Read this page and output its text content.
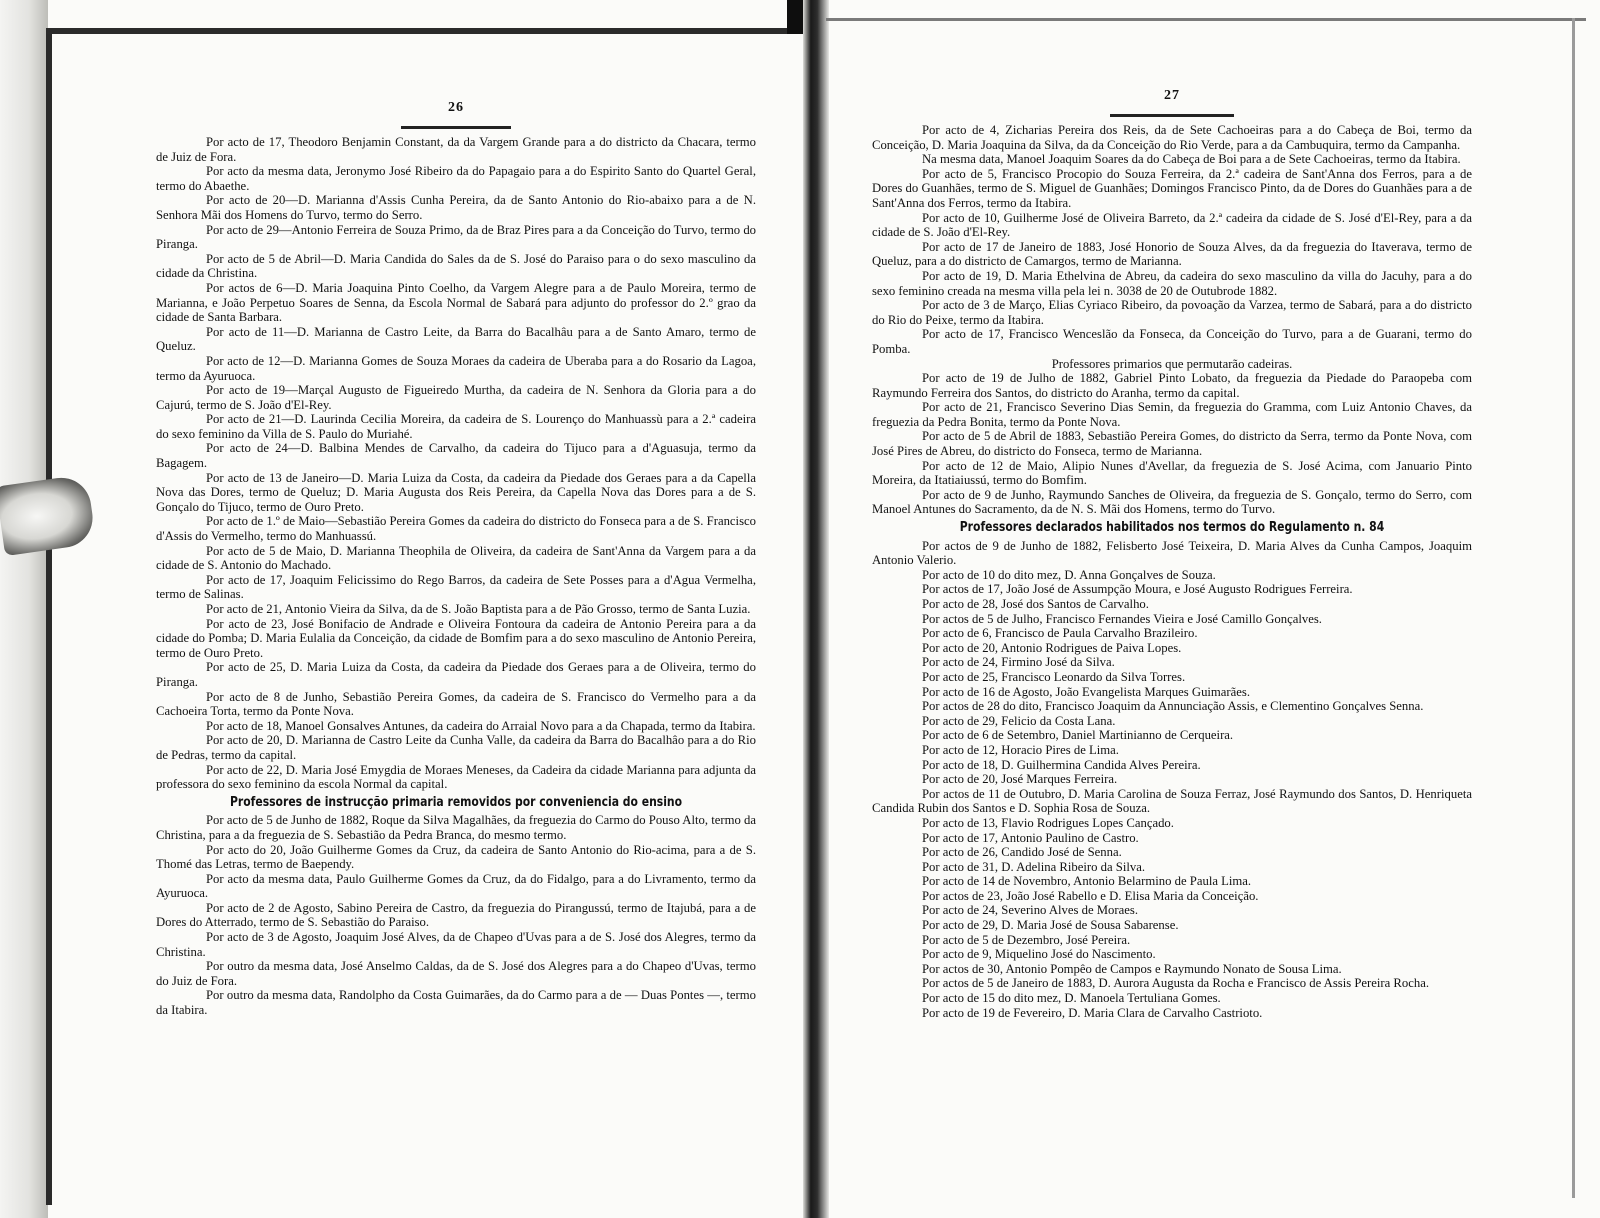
26

Por acto de 17, Theodoro Benjamin Constant, da da Vargem Grande para a do districto da Chacara, termo de Juiz de Fora.

Por acto da mesma data, Jeronymo José Ribeiro da do Papagaio para a do Espirito Santo do Quartel Geral, termo do Abaethe.

Por acto de 20—D. Marianna d'Assis Cunha Pereira, da de Santo Antonio do Rio-abaixo para a de N. Senhora Mãi dos Homens do Turvo, termo do Serro.

Por acto de 29—Antonio Ferreira de Souza Primo, da de Braz Pires para a da Conceição do Turvo, termo do Piranga.

Por acto de 5 de Abril—D. Maria Candida do Sales da de S. José do Paraiso para o do sexo masculino da cidade da Christina.

Por actos de 6—D. Maria Joaquina Pinto Coelho, da Vargem Alegre para a de Paulo Moreira, termo de Marianna, e João Perpetuo Soares de Senna, da Escola Normal de Sabará para adjunto do professor do 2.º grao da cidade de Santa Barbara.

Por acto de 11—D. Marianna de Castro Leite, da Barra do Bacalhâu para a de Santo Amaro, termo de Queluz.

Por acto de 12—D. Marianna Gomes de Souza Moraes da cadeira de Uberaba para a do Rosario da Lagoa, termo da Ayuruoca.

Por acto de 19—Marçal Augusto de Figueiredo Murtha, da cadeira de N. Senhora da Gloria para a do Cajurú, termo de S. João d'El-Rey.

Por acto de 21—D. Laurinda Cecilia Moreira, da cadeira de S. Lourenço do Manhuassù para a 2.ª cadeira do sexo feminino da Villa de S. Paulo do Muriahé.

Por acto de 24—D. Balbina Mendes de Carvalho, da cadeira do Tijuco para a d'Aguasuja, termo da Bagagem.

Por acto de 13 de Janeiro—D. Maria Luiza da Costa, da cadeira da Piedade dos Geraes para a da Capella Nova das Dores, termo de Queluz; D. Maria Augusta dos Reis Pereira, da Capella Nova das Dores para a de S. Gonçalo do Tijuco, termo de Ouro Preto.

Por acto de 1.º de Maio—Sebastião Pereira Gomes da cadeira do districto do Fonseca para a de S. Francisco d'Assis do Vermelho, termo do Manhuassú.

Por acto de 5 de Maio, D. Marianna Theophila de Oliveira, da cadeira de Sant'Anna da Vargem para a da cidade de S. Antonio do Machado.

Por acto de 17, Joaquim Felicissimo do Rego Barros, da cadeira de Sete Posses para a d'Agua Vermelha, termo de Salinas.

Por acto de 21, Antonio Vieira da Silva, da de S. João Baptista para a de Pão Grosso, termo de Santa Luzia.

Por acto de 23, José Bonifacio de Andrade e Oliveira Fontoura da cadeira de Antonio Pereira para a da cidade do Pomba; D. Maria Eulalia da Conceição, da cidade de Bomfim para a do sexo masculino de Antonio Pereira, termo de Ouro Preto.

Por acto de 25, D. Maria Luiza da Costa, da cadeira da Piedade dos Geraes para a de Oliveira, termo do Piranga.

Por acto de 8 de Junho, Sebastião Pereira Gomes, da cadeira de S. Francisco do Vermelho para a da Cachoeira Torta, termo da Ponte Nova.

Por acto de 18, Manoel Gonsalves Antunes, da cadeira do Arraial Novo para a da Chapada, termo da Itabira.

Por acto de 20, D. Marianna de Castro Leite da Cunha Valle, da cadeira da Barra do Bacalhâo para a do Rio de Pedras, termo da capital.

Por acto de 22, D. Maria José Emygdia de Moraes Meneses, da Cadeira da cidade Marianna para adjunta da professora do sexo feminino da escola Normal da capital.

Professores de instrucção primaria removidos por conveniencia do ensino

Por acto de 5 de Junho de 1882, Roque da Silva Magalhães, da freguezia do Carmo do Pouso Alto, termo da Christina, para a da freguezia de S. Sebastião da Pedra Branca, do mesmo termo.

Por acto do 20, João Guilherme Gomes da Cruz, da cadeira de Santo Antonio do Rio-acima, para a de S. Thomé das Letras, termo de Baependy.

Por acto da mesma data, Paulo Guilherme Gomes da Cruz, da do Fidalgo, para a do Livramento, termo da Ayuruoca.

Por acto de 2 de Agosto, Sabino Pereira de Castro, da freguezia do Pirangussú, termo de Itajubá, para a de Dores do Atterrado, termo de S. Sebastião do Paraiso.

Por acto de 3 de Agosto, Joaquim José Alves, da de Chapeo d'Uvas para a de S. José dos Alegres, termo da Christina.

Por outro da mesma data, José Anselmo Caldas, da de S. José dos Alegres para a do Chapeo d'Uvas, termo do Juiz de Fora.

Por outro da mesma data, Randolpho da Costa Guimarães, da do Carmo para a de — Duas Pontes —, termo da Itabira.

27

Por acto de 4, Zicharias Pereira dos Reis, da de Sete Cachoeiras para a do Cabeça de Boi, termo da Conceição, D. Maria Joaquina da Silva, da da Conceição do Rio Verde, para a da Cambuquira, termo da Campanha.

Na mesma data, Manoel Joaquim Soares da do Cabeça de Boi para a de Sete Cachoeiras, termo da Itabira.

Por acto de 5, Francisco Procopio do Souza Ferreira, da 2.ª cadeira de Sant'Anna dos Ferros, para a de Dores do Guanhães, termo de S. Miguel de Guanhães; Domingos Francisco Pinto, da de Dores do Guanhães para a de Sant'Anna dos Ferros, termo da Itabira.

Por acto de 10, Guilherme José de Oliveira Barreto, da 2.ª cadeira da cidade de S. José d'El-Rey, para a da cidade de S. João d'El-Rey.

Por acto de 17 de Janeiro de 1883, José Honorio de Souza Alves, da da freguezia do Itaverava, termo de Queluz, para a do districto de Camargos, termo de Marianna.

Por acto de 19, D. Maria Ethelvina de Abreu, da cadeira do sexo masculino da villa do Jacuhy, para a do sexo feminino creada na mesma villa pela lei n. 3038 de 20 de Outubrode 1882.

Por acto de 3 de Março, Elias Cyriaco Ribeiro, da povoação da Varzea, termo de Sabará, para a do districto do Rio do Peixe, termo da Itabira.

Por acto de 17, Francisco Wenceslão da Fonseca, da Conceição do Turvo, para a de Guarani, termo do Pomba.

Professores primarios que permutarão cadeiras.

Por acto de 19 de Julho de 1882, Gabriel Pinto Lobato, da freguezia da Piedade do Paraopeba com Raymundo Ferreira dos Santos, do districto do Aranha, termo da capital.

Por acto de 21, Francisco Severino Dias Semin, da freguezia do Gramma, com Luiz Antonio Chaves, da freguezia da Pedra Bonita, termo da Ponte Nova.

Por acto de 5 de Abril de 1883, Sebastião Pereira Gomes, do districto da Serra, termo da Ponte Nova, com José Pires de Abreu, do districto do Fonseca, termo de Marianna.

Por acto de 12 de Maio, Alipio Nunes d'Avellar, da freguezia de S. José Acima, com Januario Pinto Moreira, da Itatiaiussú, termo do Bomfim.

Por acto de 9 de Junho, Raymundo Sanches de Oliveira, da freguezia de S. Gonçalo, termo do Serro, com Manoel Antunes do Sacramento, da de N. S. Mãi dos Homens, termo do Turvo.

Professores declarados habilitados nos termos do Regulamento n. 84

Por actos de 9 de Junho de 1882, Felisberto José Teixeira, D. Maria Alves da Cunha Campos, Joaquim Antonio Valerio.

Por acto de 10 do dito mez, D. Anna Gonçalves de Souza.

Por actos de 17, João José de Assumpção Moura, e José Augusto Rodrigues Ferreira.

Por acto de 28, José dos Santos de Carvalho.

Por actos de 5 de Julho, Francisco Fernandes Vieira e José Camillo Gonçalves.

Por acto de 6, Francisco de Paula Carvalho Brazileiro.

Por acto de 20, Antonio Rodrigues de Paiva Lopes.

Por acto de 24, Firmino José da Silva.

Por acto de 25, Francisco Leonardo da Silva Torres.

Por acto de 16 de Agosto, João Evangelista Marques Guimarães.

Por actos de 28 do dito, Francisco Joaquim da Annunciação Assis, e Clementino Gonçalves Senna.

Por acto de 29, Felicio da Costa Lana.

Por acto de 6 de Setembro, Daniel Martinianno de Cerqueira.

Por acto de 12, Horacio Pires de Lima.

Por acto de 18, D. Guilhermina Candida Alves Pereira.

Por acto de 20, José Marques Ferreira.

Por actos de 11 de Outubro, D. Maria Carolina de Souza Ferraz, José Raymundo dos Santos, D. Henriqueta Candida Rubin dos Santos e D. Sophia Rosa de Souza.

Por acto de 13, Flavio Rodrigues Lopes Cançado.

Por acto de 17, Antonio Paulino de Castro.

Por acto de 26, Candido José de Senna.

Por acto de 31, D. Adelina Ribeiro da Silva.

Por acto de 14 de Novembro, Antonio Belarmino de Paula Lima.

Por actos de 23, João José Rabello e D. Elisa Maria da Conceição.

Por acto de 24, Severino Alves de Moraes.

Por acto de 29, D. Maria José de Sousa Sabarense.

Por acto de 5 de Dezembro, José Pereira.

Por acto de 9, Miquelino José do Nascimento.

Por actos de 30, Antonio Pompêo de Campos e Raymundo Nonato de Sousa Lima.

Por actos de 5 de Janeiro de 1883, D. Aurora Augusta da Rocha e Francisco de Assis Pereira Rocha.

Por acto de 15 do dito mez, D. Manoela Tertuliana Gomes.

Por acto de 19 de Fevereiro, D. Maria Clara de Carvalho Castrioto.
